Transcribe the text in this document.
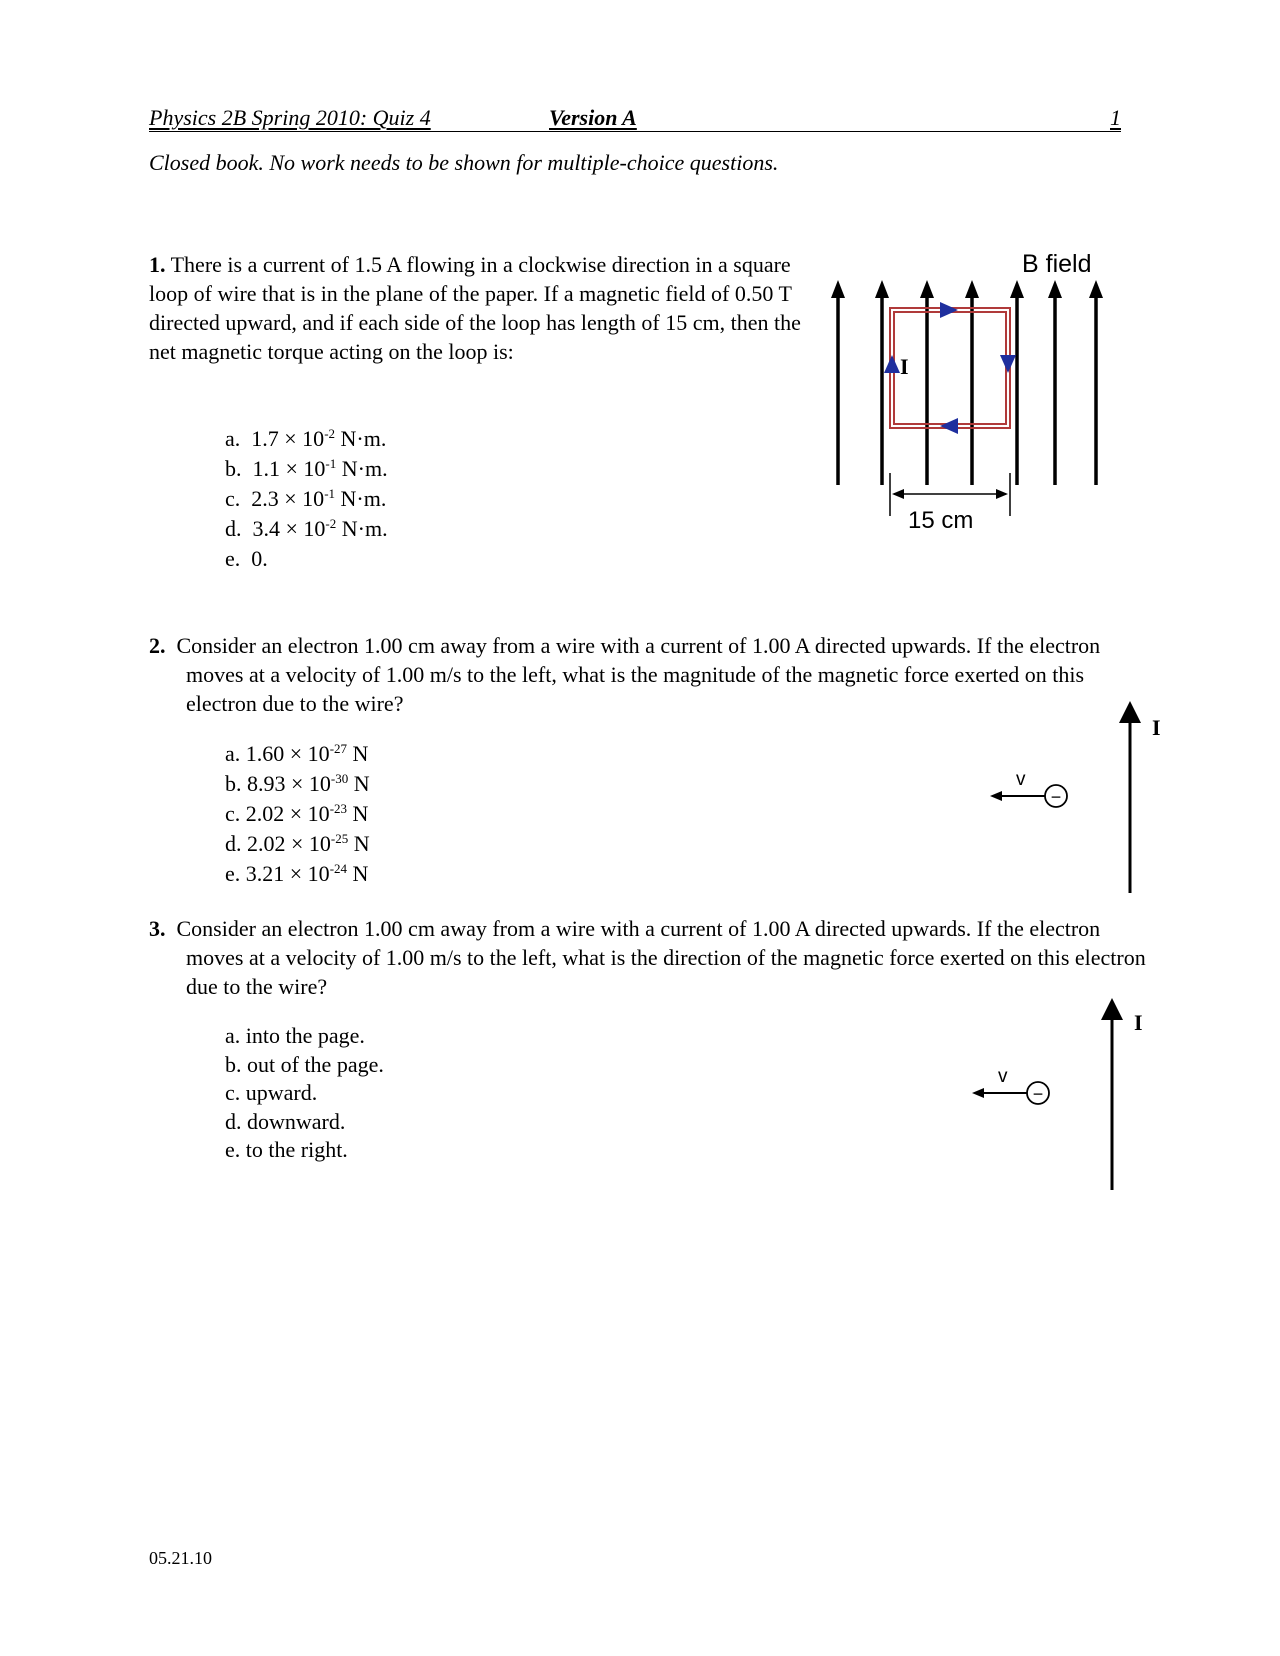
Physics 2B Spring 2010: Quiz 4	Version A	1
Closed book. No work needs to be shown for multiple-choice questions.
1. There is a current of 1.5 A flowing in a clockwise direction in a square loop of wire that is in the plane of the paper. If a magnetic field of 0.50 T directed upward, and if each side of the loop has length of 15 cm, then the net magnetic torque acting on the loop is:
a. $1.7 \times 10^{-2}$ N·m.
b. $1.1 \times 10^{-1}$ N·m.
c. $2.3 \times 10^{-1}$ N·m.
d. $3.4 \times 10^{-2}$ N·m.
e. 0.
B field
I
15 cm
2. Consider an electron 1.00 cm away from a wire with a current of 1.00 A directed upwards. If the electron moves at a velocity of 1.00 m/s to the left, what is the magnitude of the magnetic force exerted on this electron due to the wire?
a. $1.60 \times 10^{-27}$ N
b. $8.93 \times 10^{-30}$ N
c. $2.02 \times 10^{-23}$ N
d. $2.02 \times 10^{-25}$ N
e. $3.21 \times 10^{-24}$ N
I
−
v
3. Consider an electron 1.00 cm away from a wire with a current of 1.00 A directed upwards. If the electron moves at a velocity of 1.00 m/s to the left, what is the direction of the magnetic force exerted on this electron due to the wire?
a. into the page.
b. out of the page.
c. upward.
d. downward.
e. to the right.
I
−
v
05.21.10
